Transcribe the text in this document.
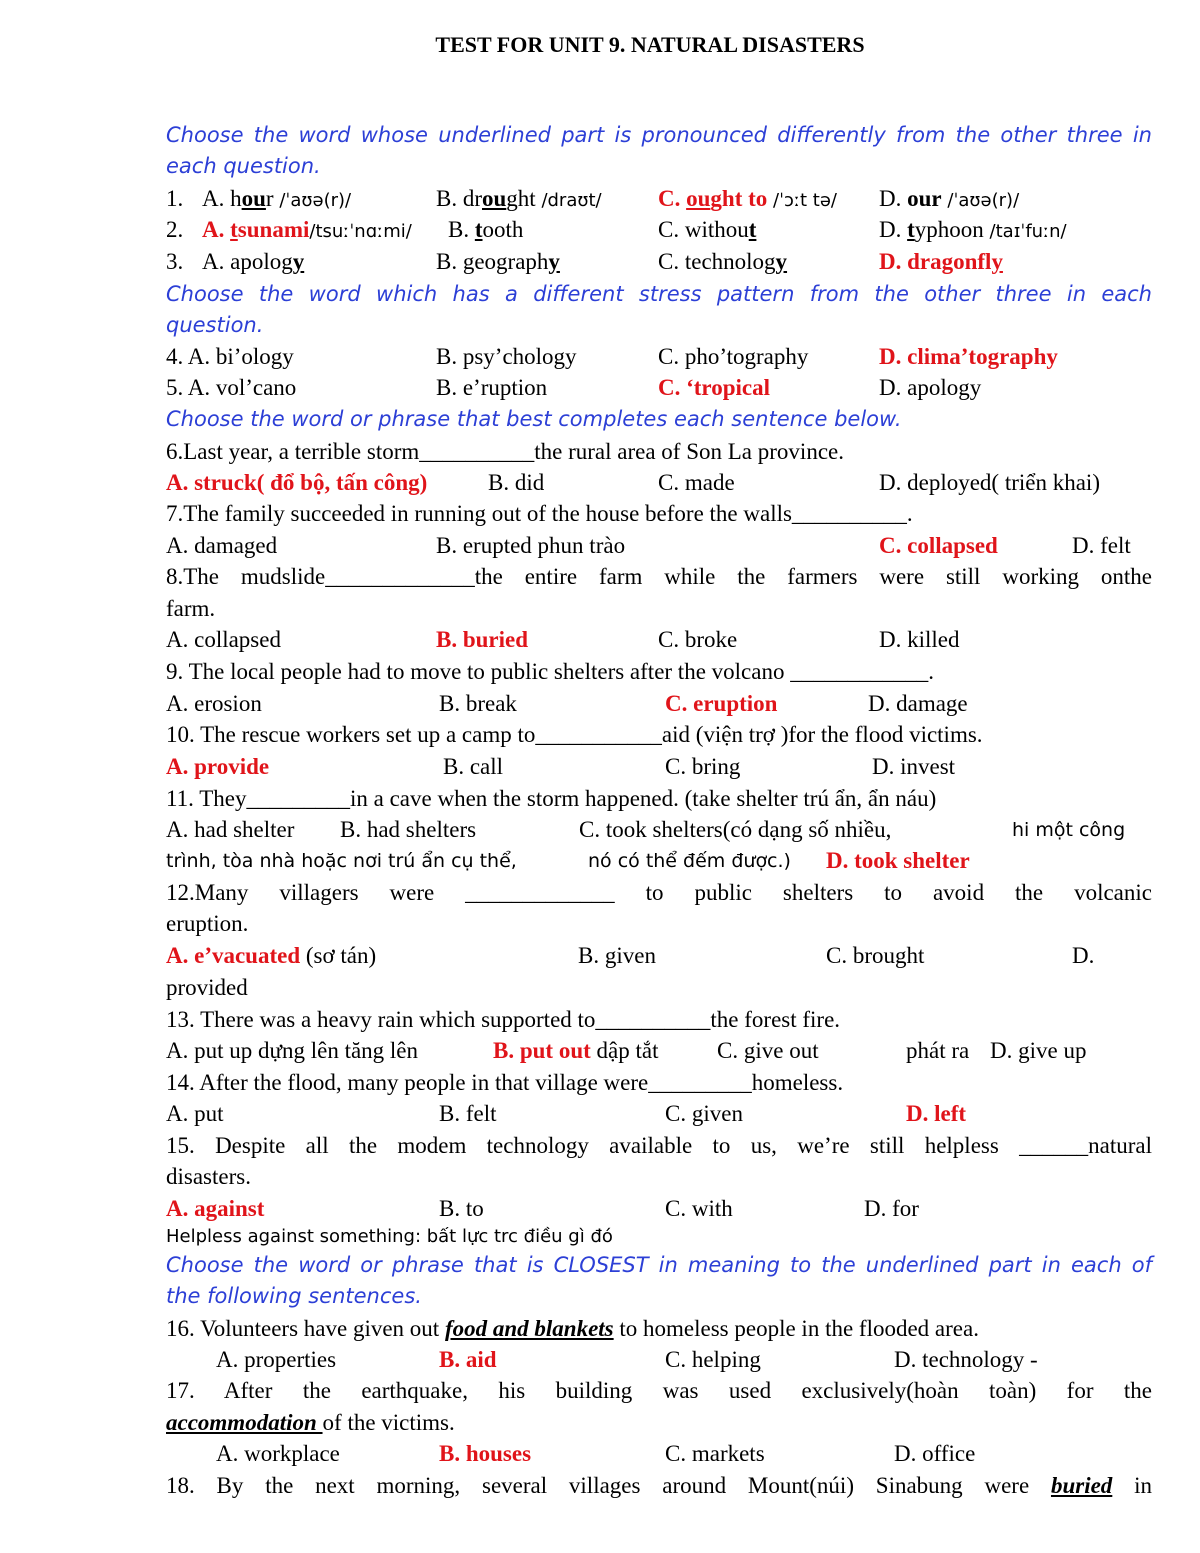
TEST FOR UNIT 9. NATURAL DISASTERS
Choose the word whose underlined part is pronounced differently from the other three in
each question.
1. A. hour /ˈaʊə(r)/	B. drought /draʊt/ C. ought to /ˈɔːt tə/ D. our /ˈaʊə(r)/
2. A. tsunami/tsuːˈnɑːmi/ B. tooth	C. without	D. typhoon /taɪˈfuːn/
3. A. apology	B. geography	C. technology	D. dragonfly
Choose the word which has a different stress pattern from the other three in each
question.
4. A. bi’ology	B. psy’chology	C. pho’tography	D. clima’tography
5. A. vol’cano	B. e’ruption	C. ‘tropical	D. apology
Choose the word or phrase that best completes each sentence below.
6.Last year, a terrible storm__________the rural area of Son La province.
A. struck( đổ bộ, tấn công)	B. did	C. made	D. deployed( triển khai)
7.The family succeeded in running out of the house before the walls__________.
A. damaged	B. erupted phun trào	C. collapsed	D. felt
8.The mudslide_____________the entire farm while the farmers were still working onthe
farm.
A. collapsed	B. buried	C. broke	D. killed
9. The local people had to move to public shelters after the volcano ____________.
A. erosion	B. break	C. eruption	D. damage
10. The rescue workers set up a camp to___________aid (viện trợ )for the flood victims.
A. provide	B. call	C. bring	D. invest
11. They_________in a cave when the storm happened. (take shelter trú ẩn, ẩn náu)
A. had shelter B. had shelters	C. took shelters(có dạng số nhiều,	hi một công
trình, tòa nhà hoặc nơi trú ẩn cụ thể,	nó có thể đếm được.) D. took shelter
12.Many villagers were _____________ to public shelters to avoid the volcanic
eruption.
A. e’vacuated (sơ tán)	B. given	C. brought	D.
provided
13. There was a heavy rain which supported to__________the forest fire.
A. put up dựng lên tăng lên	B. put out dập tắt	C. give out	phát ra D. give up
14. After the flood, many people in that village were_________homeless.
A. put	B. felt	C. given	D. left
15. Despite all the modem technology available to us, we’re still helpless ______natural
disasters.
A. against	B. to	C. with	D. for
Helpless against something: bất lực trc điều gì đó
Choose the word or phrase that is CLOSEST in meaning to the underlined part in each of
the following sentences.
16. Volunteers have given out food and blankets to homeless people in the flooded area.
A. properties	B. aid	C. helping	D. technology -
17. After the earthquake, his building was used exclusively(hoàn toàn) for the
accommodation of the victims.
A. workplace	B. houses	C. markets	D. office
18. By the next morning, several villages around Mount(núi) Sinabung were buried in
